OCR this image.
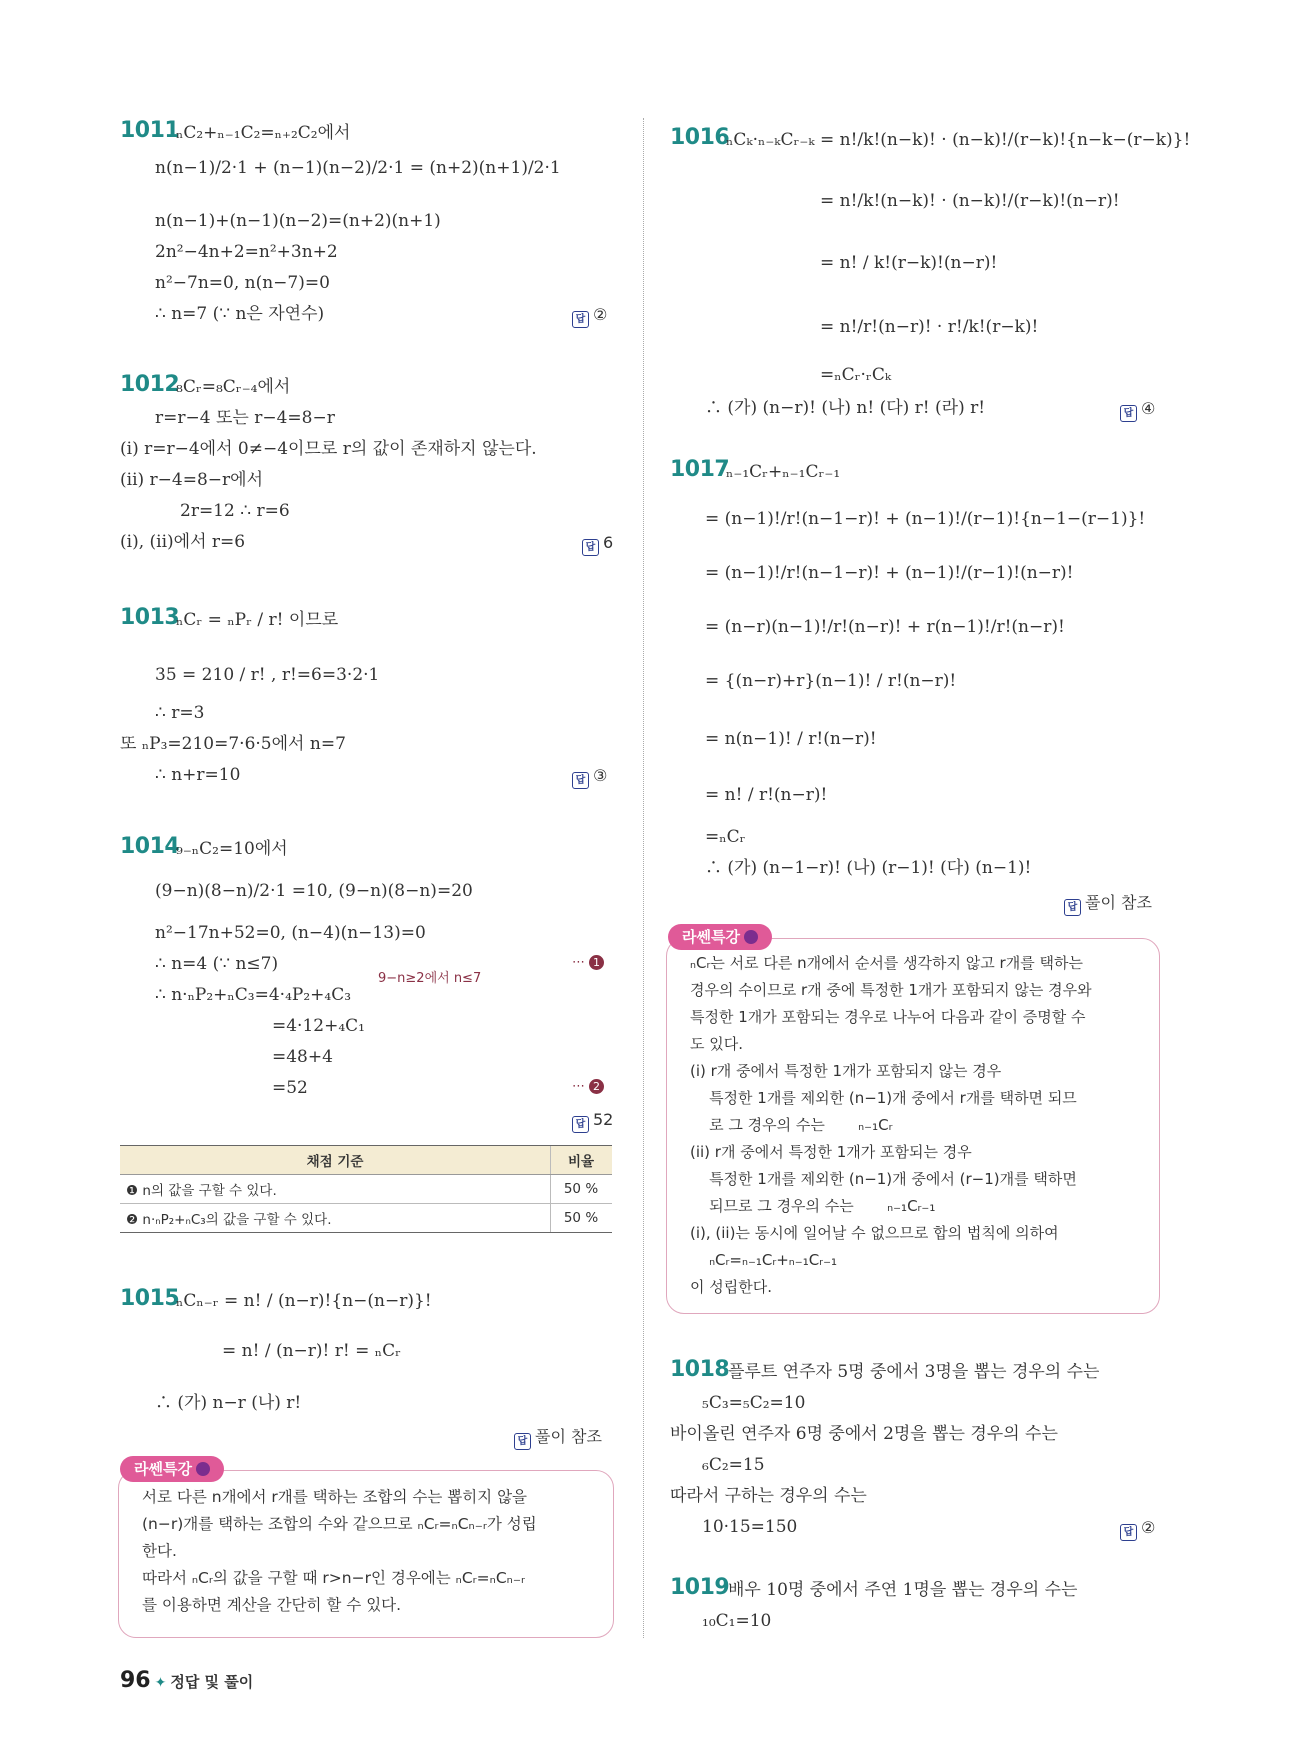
1011
ₙC₂+ₙ₋₁C₂=ₙ₊₂C₂에서
n(n−1)/2·1 + (n−1)(n−2)/2·1 = (n+2)(n+1)/2·1
n(n−1)+(n−1)(n−2)=(n+2)(n+1)
2n²−4n+2=n²+3n+2
n²−7n=0, n(n−7)=0
∴ n=7 (∵ n은 자연수)	답 ②
1012
₈Cᵣ=₈Cᵣ₋₄에서
r=r−4 또는 r−4=8−r
(i) r=r−4에서 0≠−4이므로 r의 값이 존재하지 않는다.
(ii) r−4=8−r에서
2r=12 ∴ r=6
(i), (ii)에서 r=6	답 6
1013
ₙCᵣ = ₙPᵣ / r! 이므로
35 = 210 / r! , r!=6=3·2·1
∴ r=3
또 ₙP₃=210=7·6·5에서 n=7
∴ n+r=10	답 ③
1014
₉₋ₙC₂=10에서
(9−n)(8−n)/2·1 =10, (9−n)(8−n)=20
n²−17n+52=0, (n−4)(n−13)=0
∴ n=4 (∵ n≤7)
9−n≥2에서 n≤7
⋯ 1
∴ n·ₙP₂+ₙC₃=4·₄P₂+₄C₃
=4·12+₄C₁
=48+4
=52	⋯ 2
답 52
채점 기준	비율
❶ n의 값을 구할 수 있다.	50 %
❷ n·ₙP₂+ₙC₃의 값을 구할 수 있다.	50 %
1015
ₙCₙ₋ᵣ = n! / (n−r)!{n−(n−r)}!
= n! / (n−r)! r! = ₙCᵣ
∴ (가) n−r (나) r!
답 풀이 참조
라쎈특강
서로 다른 n개에서 r개를 택하는 조합의 수는 뽑히지 않을
(n−r)개를 택하는 조합의 수와 같으므로 ₙCᵣ=ₙCₙ₋ᵣ가 성립
한다.
따라서 ₙCᵣ의 값을 구할 때 r>n−r인 경우에는 ₙCᵣ=ₙCₙ₋ᵣ
를 이용하면 계산을 간단히 할 수 있다.
96 ✦ 정답 및 풀이
1016
ₙCₖ·ₙ₋ₖCᵣ₋ₖ = n!/k!(n−k)! · (n−k)!/(r−k)!{n−k−(r−k)}!
= n!/k!(n−k)! · (n−k)!/(r−k)!(n−r)!
= n! / k!(r−k)!(n−r)!
= n!/r!(n−r)! · r!/k!(r−k)!
=ₙCᵣ·ᵣCₖ
∴ (가) (n−r)! (나) n! (다) r! (라) r!	답 ④
1017
ₙ₋₁Cᵣ+ₙ₋₁Cᵣ₋₁
= (n−1)!/r!(n−1−r)! + (n−1)!/(r−1)!{n−1−(r−1)}!
= (n−1)!/r!(n−1−r)! + (n−1)!/(r−1)!(n−r)!
= (n−r)(n−1)!/r!(n−r)! + r(n−1)!/r!(n−r)!
= {(n−r)+r}(n−1)! / r!(n−r)!
= n(n−1)! / r!(n−r)!
= n! / r!(n−r)!
=ₙCᵣ
∴ (가) (n−1−r)! (나) (r−1)! (다) (n−1)!
답 풀이 참조
라쎈특강
ₙCᵣ는 서로 다른 n개에서 순서를 생각하지 않고 r개를 택하는
경우의 수이므로 r개 중에 특정한 1개가 포함되지 않는 경우와
특정한 1개가 포함되는 경우로 나누어 다음과 같이 증명할 수
도 있다.
(i) r개 중에서 특정한 1개가 포함되지 않는 경우
특정한 1개를 제외한 (n−1)개 중에서 r개를 택하면 되므
로 그 경우의 수는       ₙ₋₁Cᵣ
(ii) r개 중에서 특정한 1개가 포함되는 경우
특정한 1개를 제외한 (n−1)개 중에서 (r−1)개를 택하면
되므로 그 경우의 수는       ₙ₋₁Cᵣ₋₁
(i), (ii)는 동시에 일어날 수 없으므로 합의 법칙에 의하여
ₙCᵣ=ₙ₋₁Cᵣ+ₙ₋₁Cᵣ₋₁
이 성립한다.
1018
플루트 연주자 5명 중에서 3명을 뽑는 경우의 수는
₅C₃=₅C₂=10
바이올린 연주자 6명 중에서 2명을 뽑는 경우의 수는
₆C₂=15
따라서 구하는 경우의 수는
10·15=150	답 ②
1019
배우 10명 중에서 주연 1명을 뽑는 경우의 수는
₁₀C₁=10
